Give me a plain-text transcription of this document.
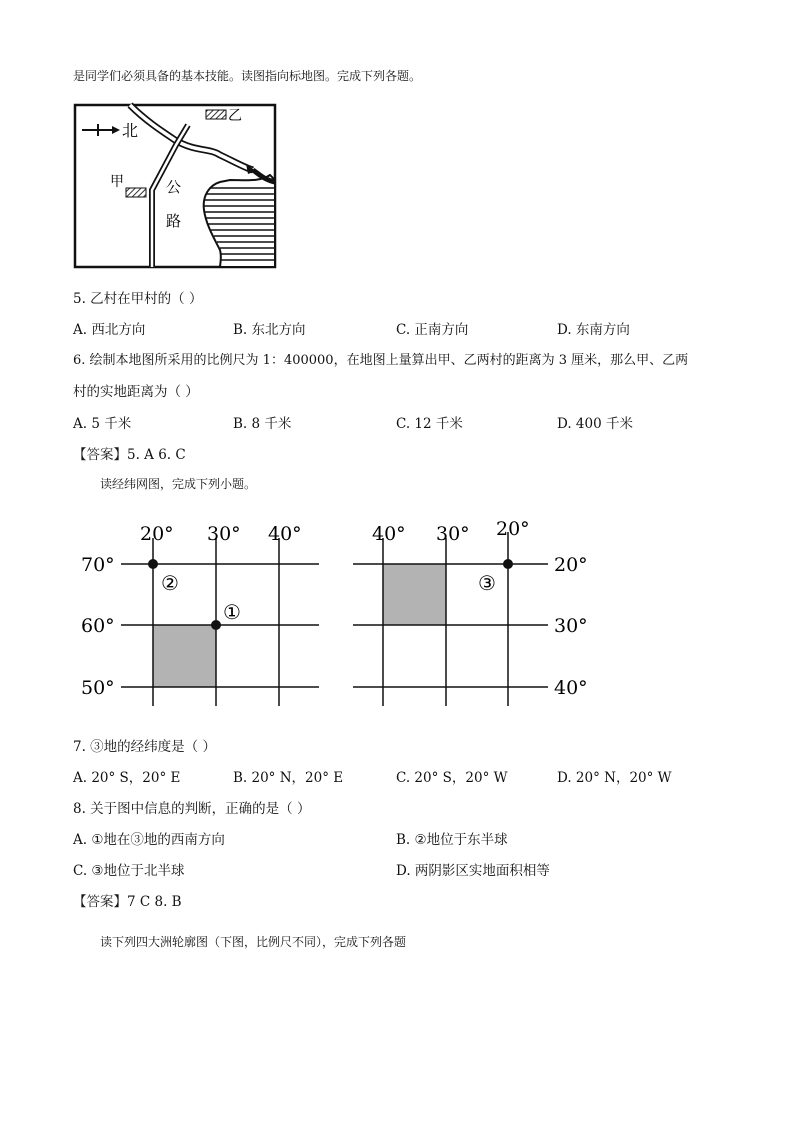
是同学们必须具备的基本技能。读图指向标地图。完成下列各题。
北
公
路
甲
乙
5. 乙村在甲村的（ ）
A. 西北方向	B. 东北方向	C. 正南方向	D. 东南方向
6. 绘制本地图所采用的比例尺为 1：400000，在地图上量算出甲、乙两村的距离为 3 厘米，那么甲、乙两
村的实地距离为（ ）
A. 5 千米	B. 8 千米	C. 12 千米	D. 400 千米
【答案】5. A 6. C
读经纬网图，完成下列小题。
20° 30° 40°
70°
60°
50°
②
①
40° 30° 20°
20°
30°
40°
③
7. ③地的经纬度是（ ）
A. 20° S，20° E	B. 20° N，20° E	C. 20° S，20° W	D. 20° N，20° W
8. 关于图中信息的判断，正确的是（ ）
A. ①地在③地的西南方向	B. ②地位于东半球
C. ③地位于北半球	D. 两阴影区实地面积相等
【答案】7 C 8. B
读下列四大洲轮廓图（下图，比例尺不同），完成下列各题
